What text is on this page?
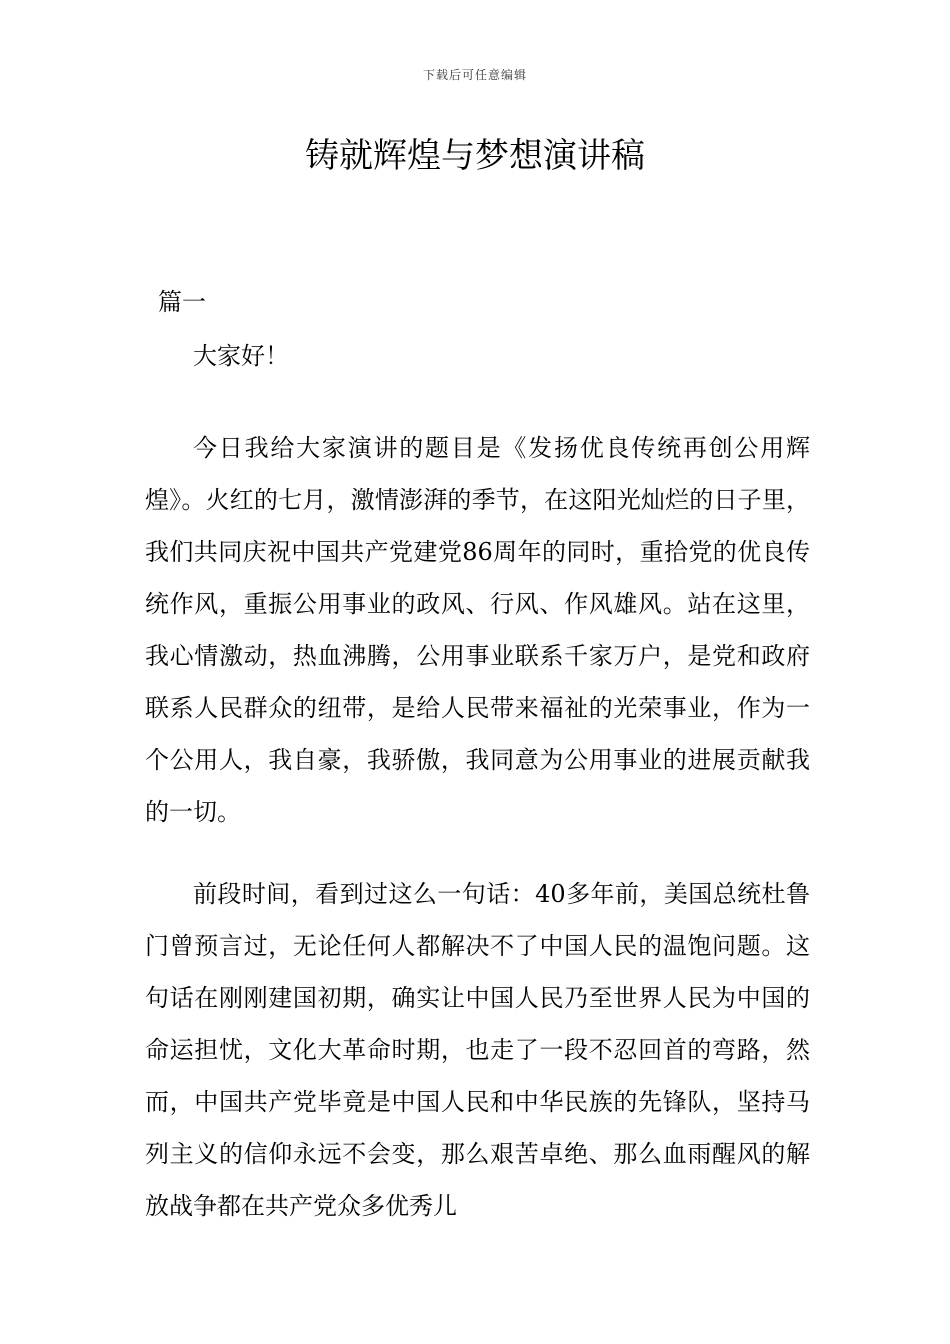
下载后可任意编辑
铸就辉煌与梦想演讲稿
篇一
大家好！

今日我给大家演讲的题目是《发扬优良传统再创公用辉煌》。火红的七月，激情澎湃的季节，在这阳光灿烂的日子里，我们共同庆祝中国共产党建党86周年的同时，重拾党的优良传统作风，重振公用事业的政风、行风、作风雄风。站在这里，我心情激动，热血沸腾，公用事业联系千家万户，是党和政府联系人民群众的纽带，是给人民带来福祉的光荣事业，作为一个公用人，我自豪，我骄傲，我同意为公用事业的进展贡献我的一切。

前段时间，看到过这么一句话：40多年前，美国总统杜鲁门曾预言过，无论任何人都解决不了中国人民的温饱问题。这句话在刚刚建国初期，确实让中国人民乃至世界人民为中国的命运担忧，文化大革命时期，也走了一段不忍回首的弯路，然而，中国共产党毕竟是中国人民和中华民族的先锋队，坚持马列主义的信仰永远不会变，那么艰苦卓绝、那么血雨醒风的解放战争都在共产党众多优秀儿
